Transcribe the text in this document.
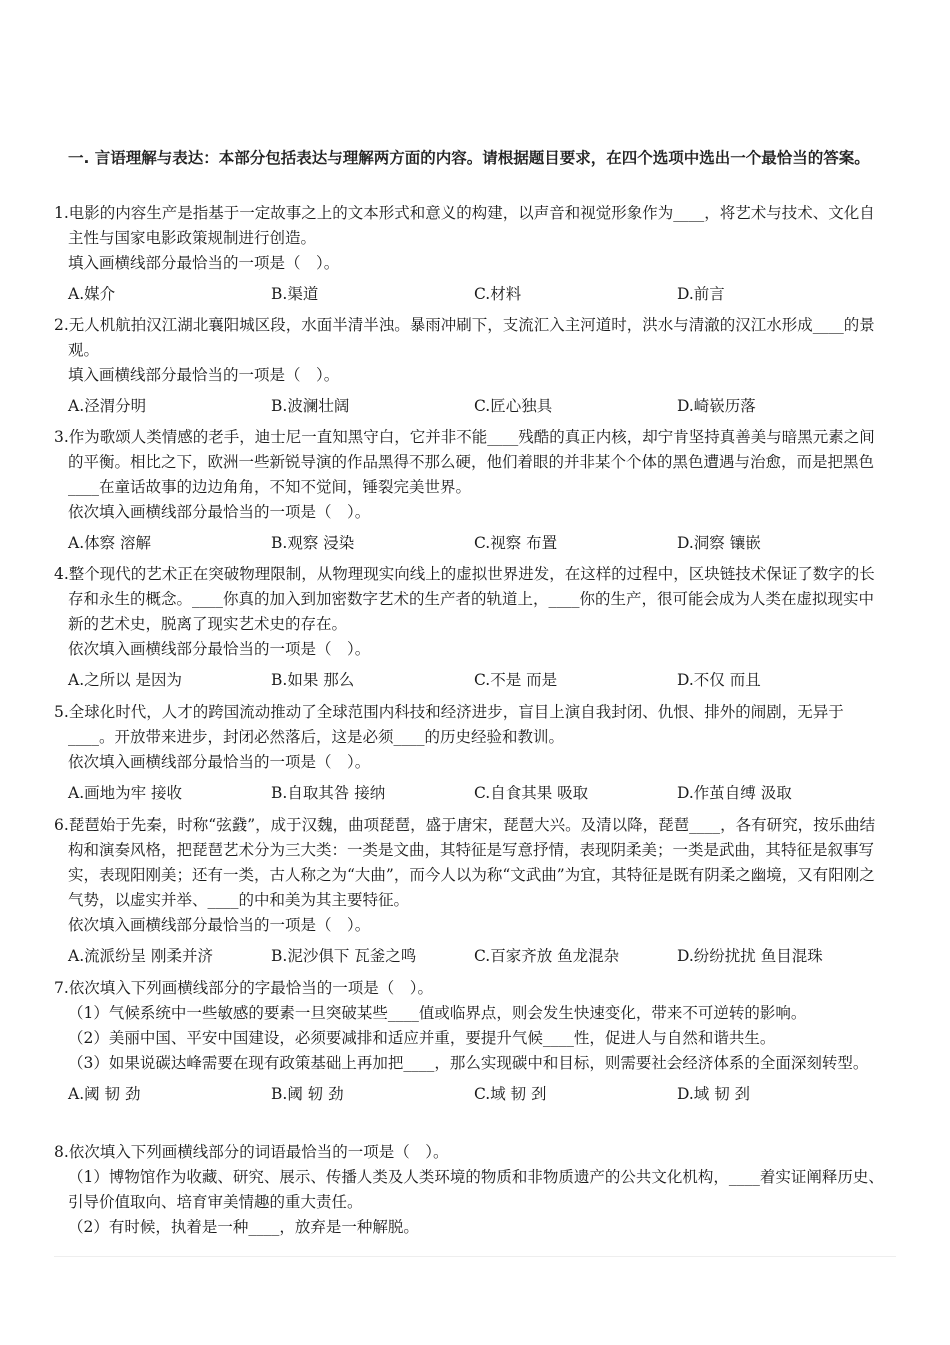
一. 言语理解与表达：本部分包括表达与理解两方面的内容。请根据题目要求，在四个选项中选出一个最恰当的答案。

1.电影的内容生产是指基于一定故事之上的文本形式和意义的构建，以声音和视觉形象作为____，将艺术与技术、文化自主性与国家电影政策规制进行创造。

填入画横线部分最恰当的一项是（　）。

A.媒介	B.渠道	C.材料	D.前言

2.无人机航拍汉江湖北襄阳城区段，水面半清半浊。暴雨冲刷下，支流汇入主河道时，洪水与清澈的汉江水形成____的景观。

填入画横线部分最恰当的一项是（　）。

A.泾渭分明	B.波澜壮阔	C.匠心独具	D.崎嵚历落

3.作为歌颂人类情感的老手，迪士尼一直知黑守白，它并非不能____残酷的真正内核，却宁肯坚持真善美与暗黑元素之间的平衡。相比之下，欧洲一些新锐导演的作品黑得不那么硬，他们着眼的并非某个个体的黑色遭遇与治愈，而是把黑色____在童话故事的边边角角，不知不觉间，锤裂完美世界。

依次填入画横线部分最恰当的一项是（　）。

A.体察 溶解	B.观察 浸染	C.视察 布置	D.洞察 镶嵌

4.整个现代的艺术正在突破物理限制，从物理现实向线上的虚拟世界进发，在这样的过程中，区块链技术保证了数字的长存和永生的概念。____你真的加入到加密数字艺术的生产者的轨道上，____你的生产，很可能会成为人类在虚拟现实中新的艺术史，脱离了现实艺术史的存在。

依次填入画横线部分最恰当的一项是（　）。

A.之所以 是因为	B.如果 那么	C.不是 而是	D.不仅 而且

5.全球化时代，人才的跨国流动推动了全球范围内科技和经济进步，盲目上演自我封闭、仇恨、排外的闹剧，无异于____。开放带来进步，封闭必然落后，这是必须____的历史经验和教训。

依次填入画横线部分最恰当的一项是（　）。

A.画地为牢 接收	B.自取其咎 接纳	C.自食其果 吸取	D.作茧自缚 汲取

6.琵琶始于先秦，时称“弦鼗”，成于汉魏，曲项琵琶，盛于唐宋，琵琶大兴。及清以降，琵琶____，各有研究，按乐曲结构和演奏风格，把琵琶艺术分为三大类：一类是文曲，其特征是写意抒情，表现阴柔美；一类是武曲，其特征是叙事写实，表现阳刚美；还有一类，古人称之为“大曲”，而今人以为称“文武曲”为宜，其特征是既有阴柔之幽境，又有阳刚之气势，以虚实并举、____的中和美为其主要特征。

依次填入画横线部分最恰当的一项是（　）。

A.流派纷呈 刚柔并济	B.泥沙俱下 瓦釜之鸣	C.百家齐放 鱼龙混杂	D.纷纷扰扰 鱼目混珠

7.依次填入下列画横线部分的字最恰当的一项是（　）。

（1）气候系统中一些敏感的要素一旦突破某些____值或临界点，则会发生快速变化，带来不可逆转的影响。

（2）美丽中国、平安中国建设，必须要减排和适应并重，要提升气候____性，促进人与自然和谐共生。

（3）如果说碳达峰需要在现有政策基础上再加把____，那么实现碳中和目标，则需要社会经济体系的全面深刻转型。

A.阈 韧 劲	B.阈 轫 劲	C.域 韧 刭	D.域 韧 刭

8.依次填入下列画横线部分的词语最恰当的一项是（　）。

（1）博物馆作为收藏、研究、展示、传播人类及人类环境的物质和非物质遗产的公共文化机构，____着实证阐释历史、引导价值取向、培育审美情趣的重大责任。

（2）有时候，执着是一种____，放弃是一种解脱。
